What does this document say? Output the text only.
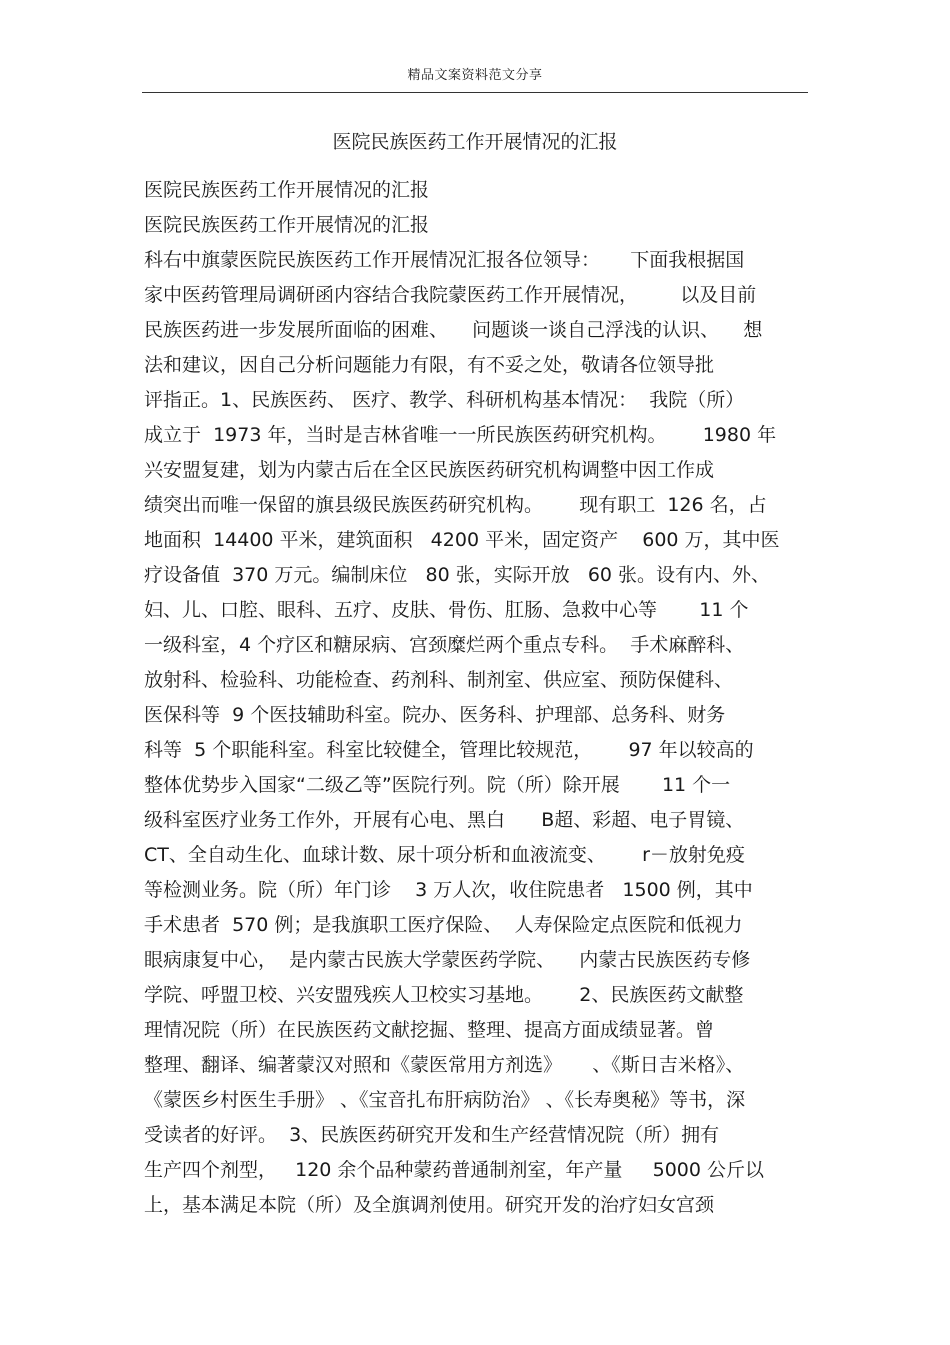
精品文案资料范文分享
医院民族医药工作开展情况的汇报
医院民族医药工作开展情况的汇报
医院民族医药工作开展情况的汇报
科右中旗蒙医院民族医药工作开展情况汇报各位领导：     下面我根据国
家中医药管理局调研函内容结合我院蒙医药工作开展情况，       以及目前
民族医药进一步发展所面临的困难、    问题谈一谈自己浮浅的认识、    想
法和建议，因自己分析问题能力有限，有不妥之处，敬请各位领导批
评指正。1、民族医药、 医疗、教学、科研机构基本情况：  我院（所）
成立于  1973 年，当时是吉林省唯一一所民族医药研究机构。      1980 年
兴安盟复建，划为内蒙古后在全区民族医药研究机构调整中因工作成
绩突出而唯一保留的旗县级民族医药研究机构。      现有职工  126 名，占
地面积  14400 平米，建筑面积   4200 平米，固定资产    600 万，其中医
疗设备值  370 万元。编制床位   80 张，实际开放   60 张。设有内、外、
妇、儿、口腔、眼科、五疗、皮肤、骨伤、肛肠、急救中心等       11 个
一级科室，4 个疗区和糖尿病、宫颈糜烂两个重点专科。  手术麻醉科、
放射科、检验科、功能检查、药剂科、制剂室、供应室、预防保健科、
医保科等  9 个医技辅助科室。院办、医务科、护理部、总务科、财务
科等  5 个职能科室。科室比较健全，管理比较规范，      97 年以较高的
整体优势步入国家“二级乙等”医院行列。院（所）除开展       11 个一
级科室医疗业务工作外，开展有心电、黑白      B超、彩超、电子胃镜、
CT、全自动生化、血球计数、尿十项分析和血液流变、      r－放射免疫
等检测业务。院（所）年门诊    3 万人次，收住院患者   1500 例，其中
手术患者  570 例；是我旗职工医疗保险、  人寿保险定点医院和低视力
眼病康复中心，  是内蒙古民族大学蒙医药学院、    内蒙古民族医药专修
学院、呼盟卫校、兴安盟残疾人卫校实习基地。      2、民族医药文献整
理情况院（所）在民族医药文献挖掘、整理、提高方面成绩显著。曾
整理、翻译、编著蒙汉对照和《蒙医常用方剂选》     、《斯日吉米格》、
《蒙医乡村医生手册》 、《宝音扎布肝病防治》 、《长寿奥秘》等书，深
受读者的好评。  3、民族医药研究开发和生产经营情况院（所）拥有
生产四个剂型，   120 余个品种蒙药普通制剂室，年产量     5000 公斤以
上，基本满足本院（所）及全旗调剂使用。研究开发的治疗妇女宫颈
